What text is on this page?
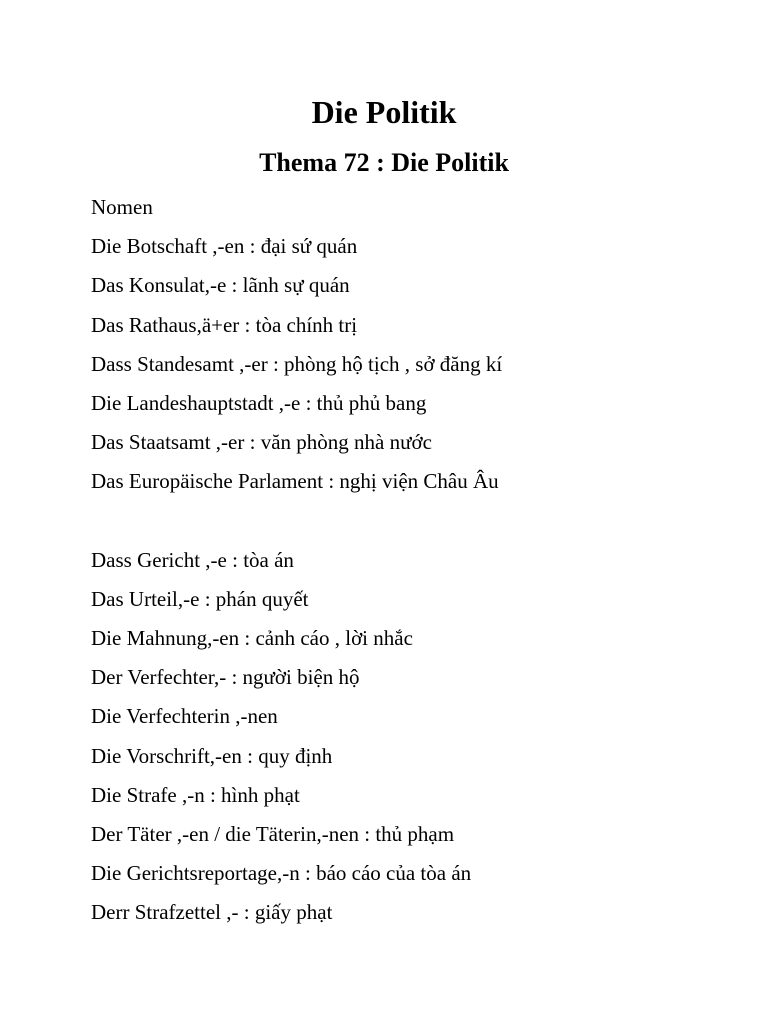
Die Politik
Thema 72 : Die Politik
Nomen
Die Botschaft ,-en : đại sứ quán
Das Konsulat,-e : lãnh sự quán
Das Rathaus,ä+er : tòa chính trị
Dass Standesamt ,-er : phòng hộ tịch , sở đăng kí
Die Landeshauptstadt ,-e : thủ phủ bang
Das Staatsamt ,-er : văn phòng nhà nước
Das Europäische Parlament : nghị viện Châu Âu
Dass Gericht ,-e : tòa án
Das Urteil,-e : phán quyết
Die Mahnung,-en : cảnh cáo , lời nhắc
Der Verfechter,- : người biện hộ
Die Verfechterin ,-nen
Die Vorschrift,-en : quy định
Die Strafe ,-n : hình phạt
Der Täter ,-en / die Täterin,-nen : thủ phạm
Die Gerichtsreportage,-n : báo cáo của tòa án
Derr Strafzettel ,- : giấy phạt
